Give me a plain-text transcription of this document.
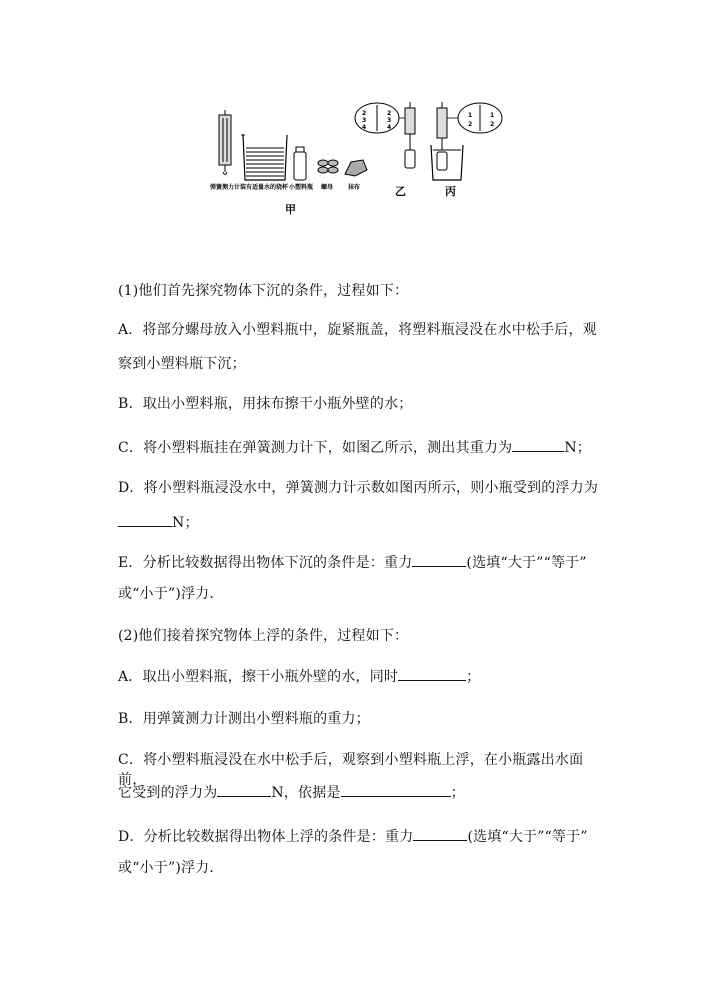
2
3
4
2
3
4
1
2
1
2
弹簧测力计 装有适量水的烧杯 小塑料瓶 螺母 抹布
甲
乙	丙
(1)他们首先探究物体下沉的条件，过程如下：
A．将部分螺母放入小塑料瓶中，旋紧瓶盖，将塑料瓶浸没在水中松手后，观
察到小塑料瓶下沉；
B．取出小塑料瓶，用抹布擦干小瓶外壁的水；
C．将小塑料瓶挂在弹簧测力计下，如图乙所示，测出其重力为	N；
D．将小塑料瓶浸没水中，弹簧测力计示数如图丙所示，则小瓶受到的浮力为
N；
E．分析比较数据得出物体下沉的条件是：重力	(选填“大于”“等于”
或“小于”)浮力．
(2)他们接着探究物体上浮的条件，过程如下：
A．取出小塑料瓶，擦干小瓶外壁的水，同时	；
B．用弹簧测力计测出小塑料瓶的重力；
C．将小塑料瓶浸没在水中松手后，观察到小塑料瓶上浮，在小瓶露出水面前，
它受到的浮力为	N，依据是	；
D．分析比较数据得出物体上浮的条件是：重力	(选填“大于”“等于”
或“小于”)浮力．
